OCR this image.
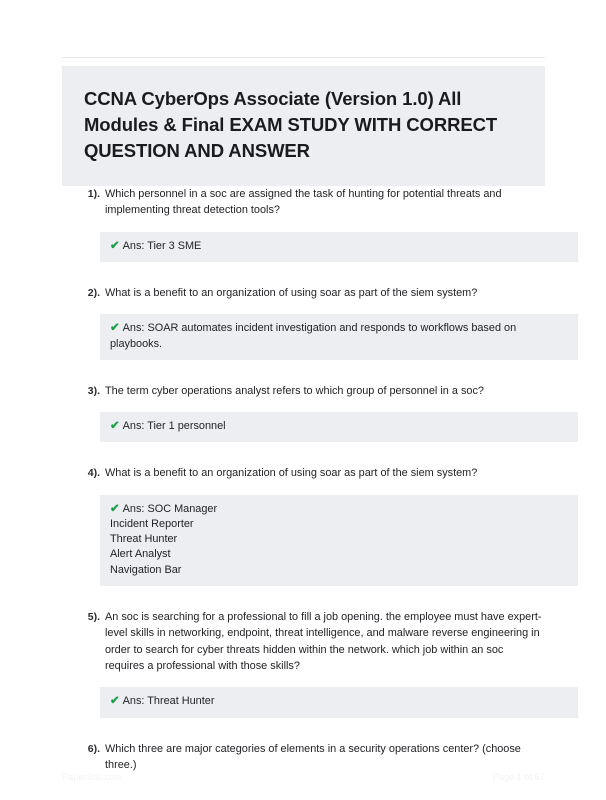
CCNA CyberOps Associate (Version 1.0) All Modules & Final EXAM STUDY WITH CORRECT QUESTION AND ANSWER
1). Which personnel in a soc are assigned the task of hunting for potential threats and implementing threat detection tools?

✔ Ans: Tier 3 SME
2). What is a benefit to an organization of using soar as part of the siem system?

✔ Ans: SOAR automates incident investigation and responds to workflows based on playbooks.
3). The term cyber operations analyst refers to which group of personnel in a soc?

✔ Ans: Tier 1 personnel
4). What is a benefit to an organization of using soar as part of the siem system?

✔ Ans: SOC Manager
Incident Reporter
Threat Hunter
Alert Analyst
Navigation Bar
5). An soc is searching for a professional to fill a job opening. the employee must have expert-level skills in networking, endpoint, threat intelligence, and malware reverse engineering in order to search for cyber threats hidden within the network. which job within an soc requires a professional with those skills?

✔ Ans: Threat Hunter
6). Which three are major categories of elements in a security operations center? (choose three.)

PaperStic.com	Page 1 of 67
